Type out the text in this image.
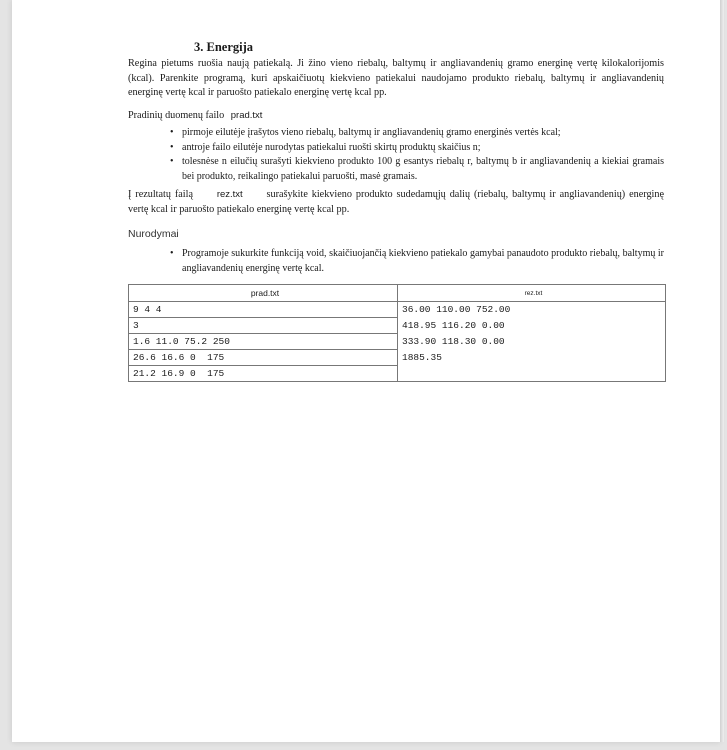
3. Energija
Regina pietums ruošia naują patiekalą. Ji žino vieno riebalų, baltymų ir angliavandenių gramo energinę vertę kilokalorijomis (kcal). Parenkite programą, kuri apskaičiuotų kiekvieno patiekalui naudojamo produkto riebalų, baltymų ir angliavandenių energinę vertę kcal ir paruošto patiekalo energinę vertę kcal pp.
Pradinių duomenų failo prad.txt
• pirmoje eilutėje įrašytos vieno riebalų, baltymų ir angliavandenių gramo energinės vertės kcal;
• antroje failo eilutėje nurodytas patiekalui ruošti skirtų produktų skaičius n;
• tolesnėse n eilučių surašyti kiekvieno produkto 100 g esantys riebalų r, baltymų b ir angliavandenių a kiekiai gramais bei produkto, reikalingo patiekalui paruošti, masė gramais.
Į rezultatų failą	rez.txt surašykite kiekvieno produkto sudedamųjų dalių (riebalų, baltymų ir angliavandenių) energinę vertę kcal ir paruošto patiekalo energinę vertę kcal pp.
Nurodymai
• Programoje sukurkite funkciją void, skaičiuojančią kiekvieno patiekalo gamybai panaudoto produkto riebalų, baltymų ir angliavandenių energinę vertę kcal.
prad.txt	rez.txt
9 4 4	36.00 110.00 752.00
3	418.95 116.20 0.00
1.6 11.0 75.2 250	333.90 118.30 0.00
26.6 16.6 0  175	1885.35
21.2 16.9 0  175	
